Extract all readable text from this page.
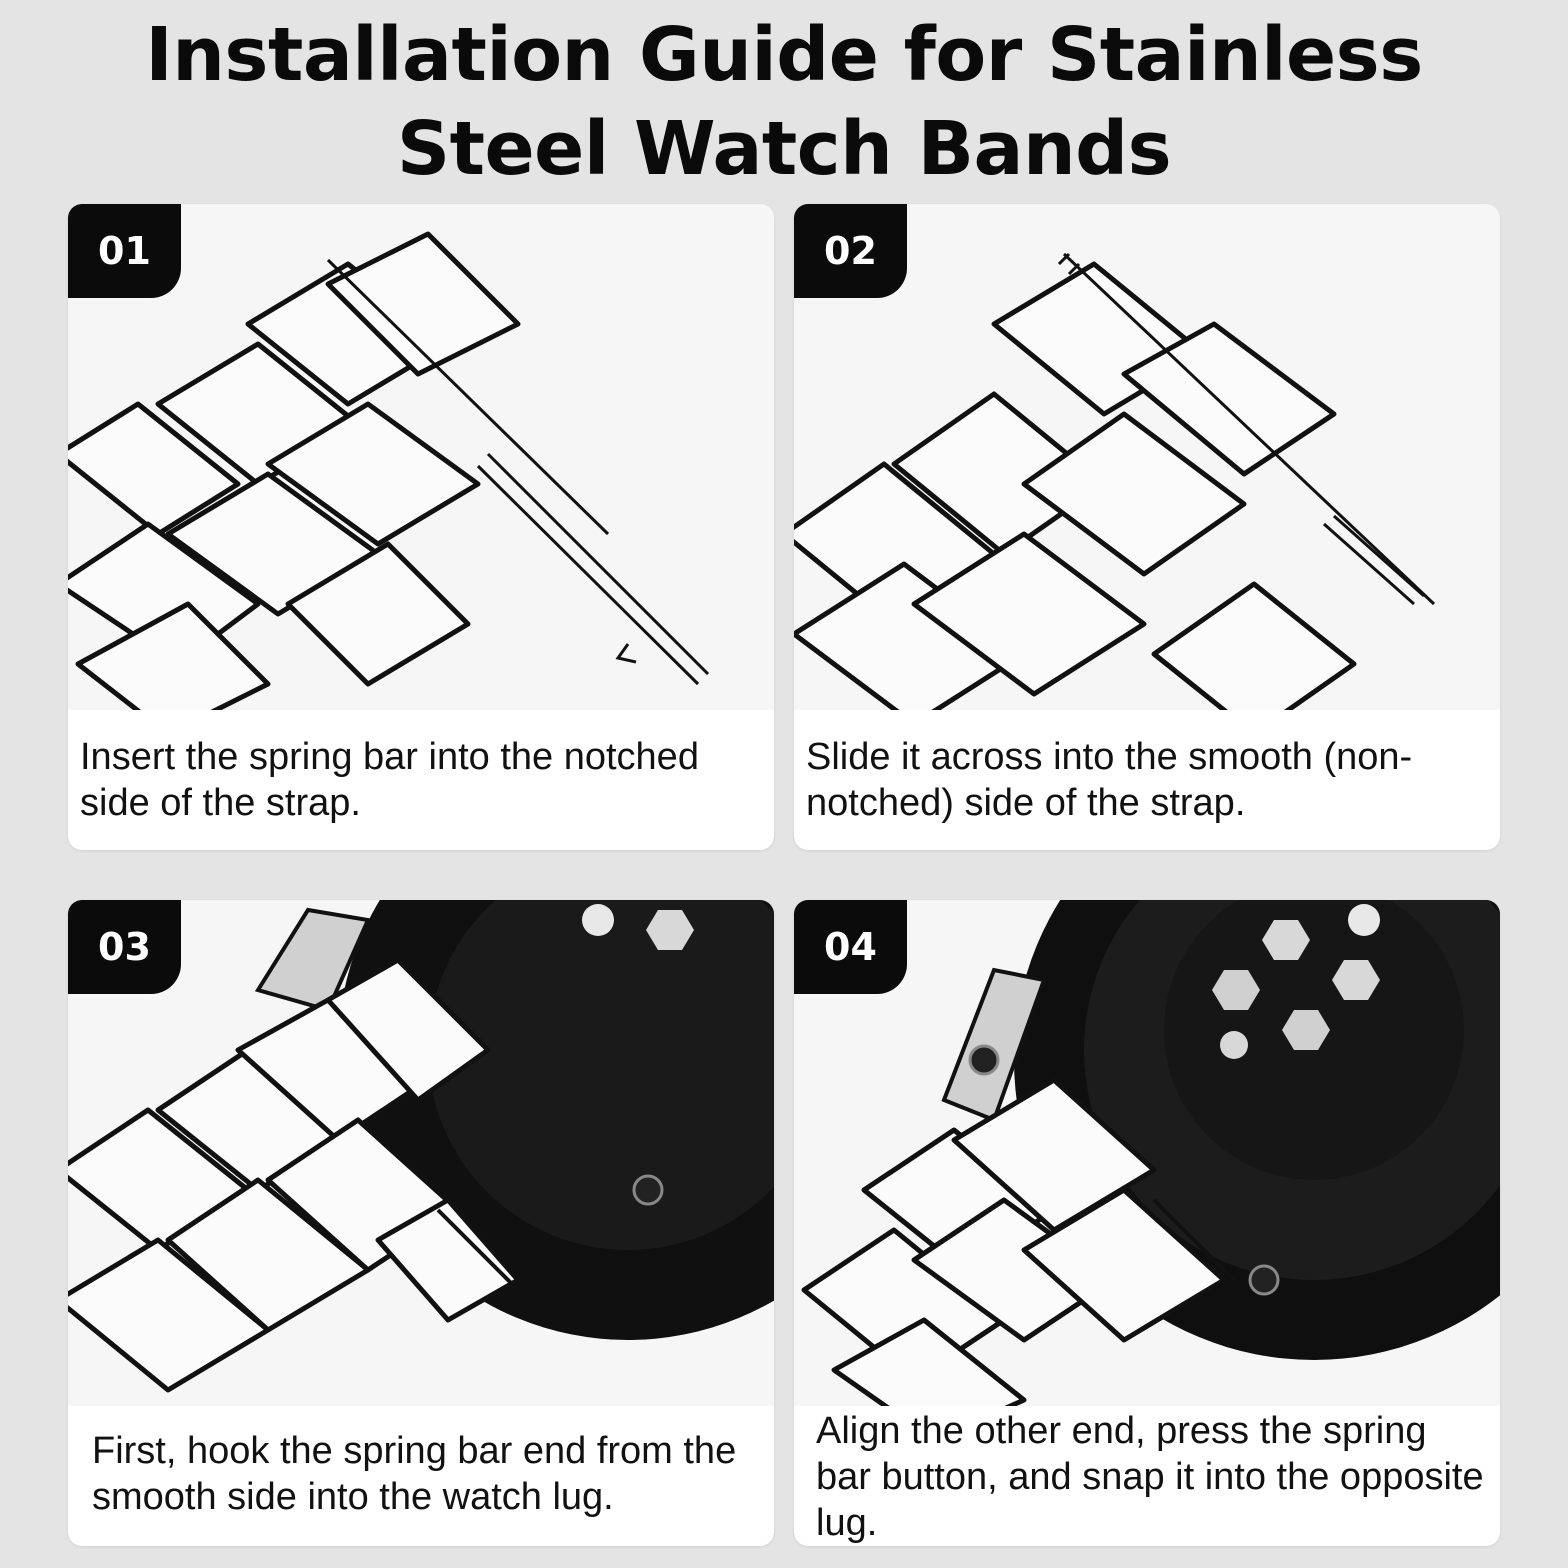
Installation Guide for Stainless
Steel Watch Bands
01

Insert the spring bar into the notched side of the strap.

02

Slide it across into the smooth (non-notched) side of the strap.

03

First, hook the spring bar end from the smooth side into the watch lug.

04

Align the other end, press the spring bar button, and snap it into the opposite lug.
